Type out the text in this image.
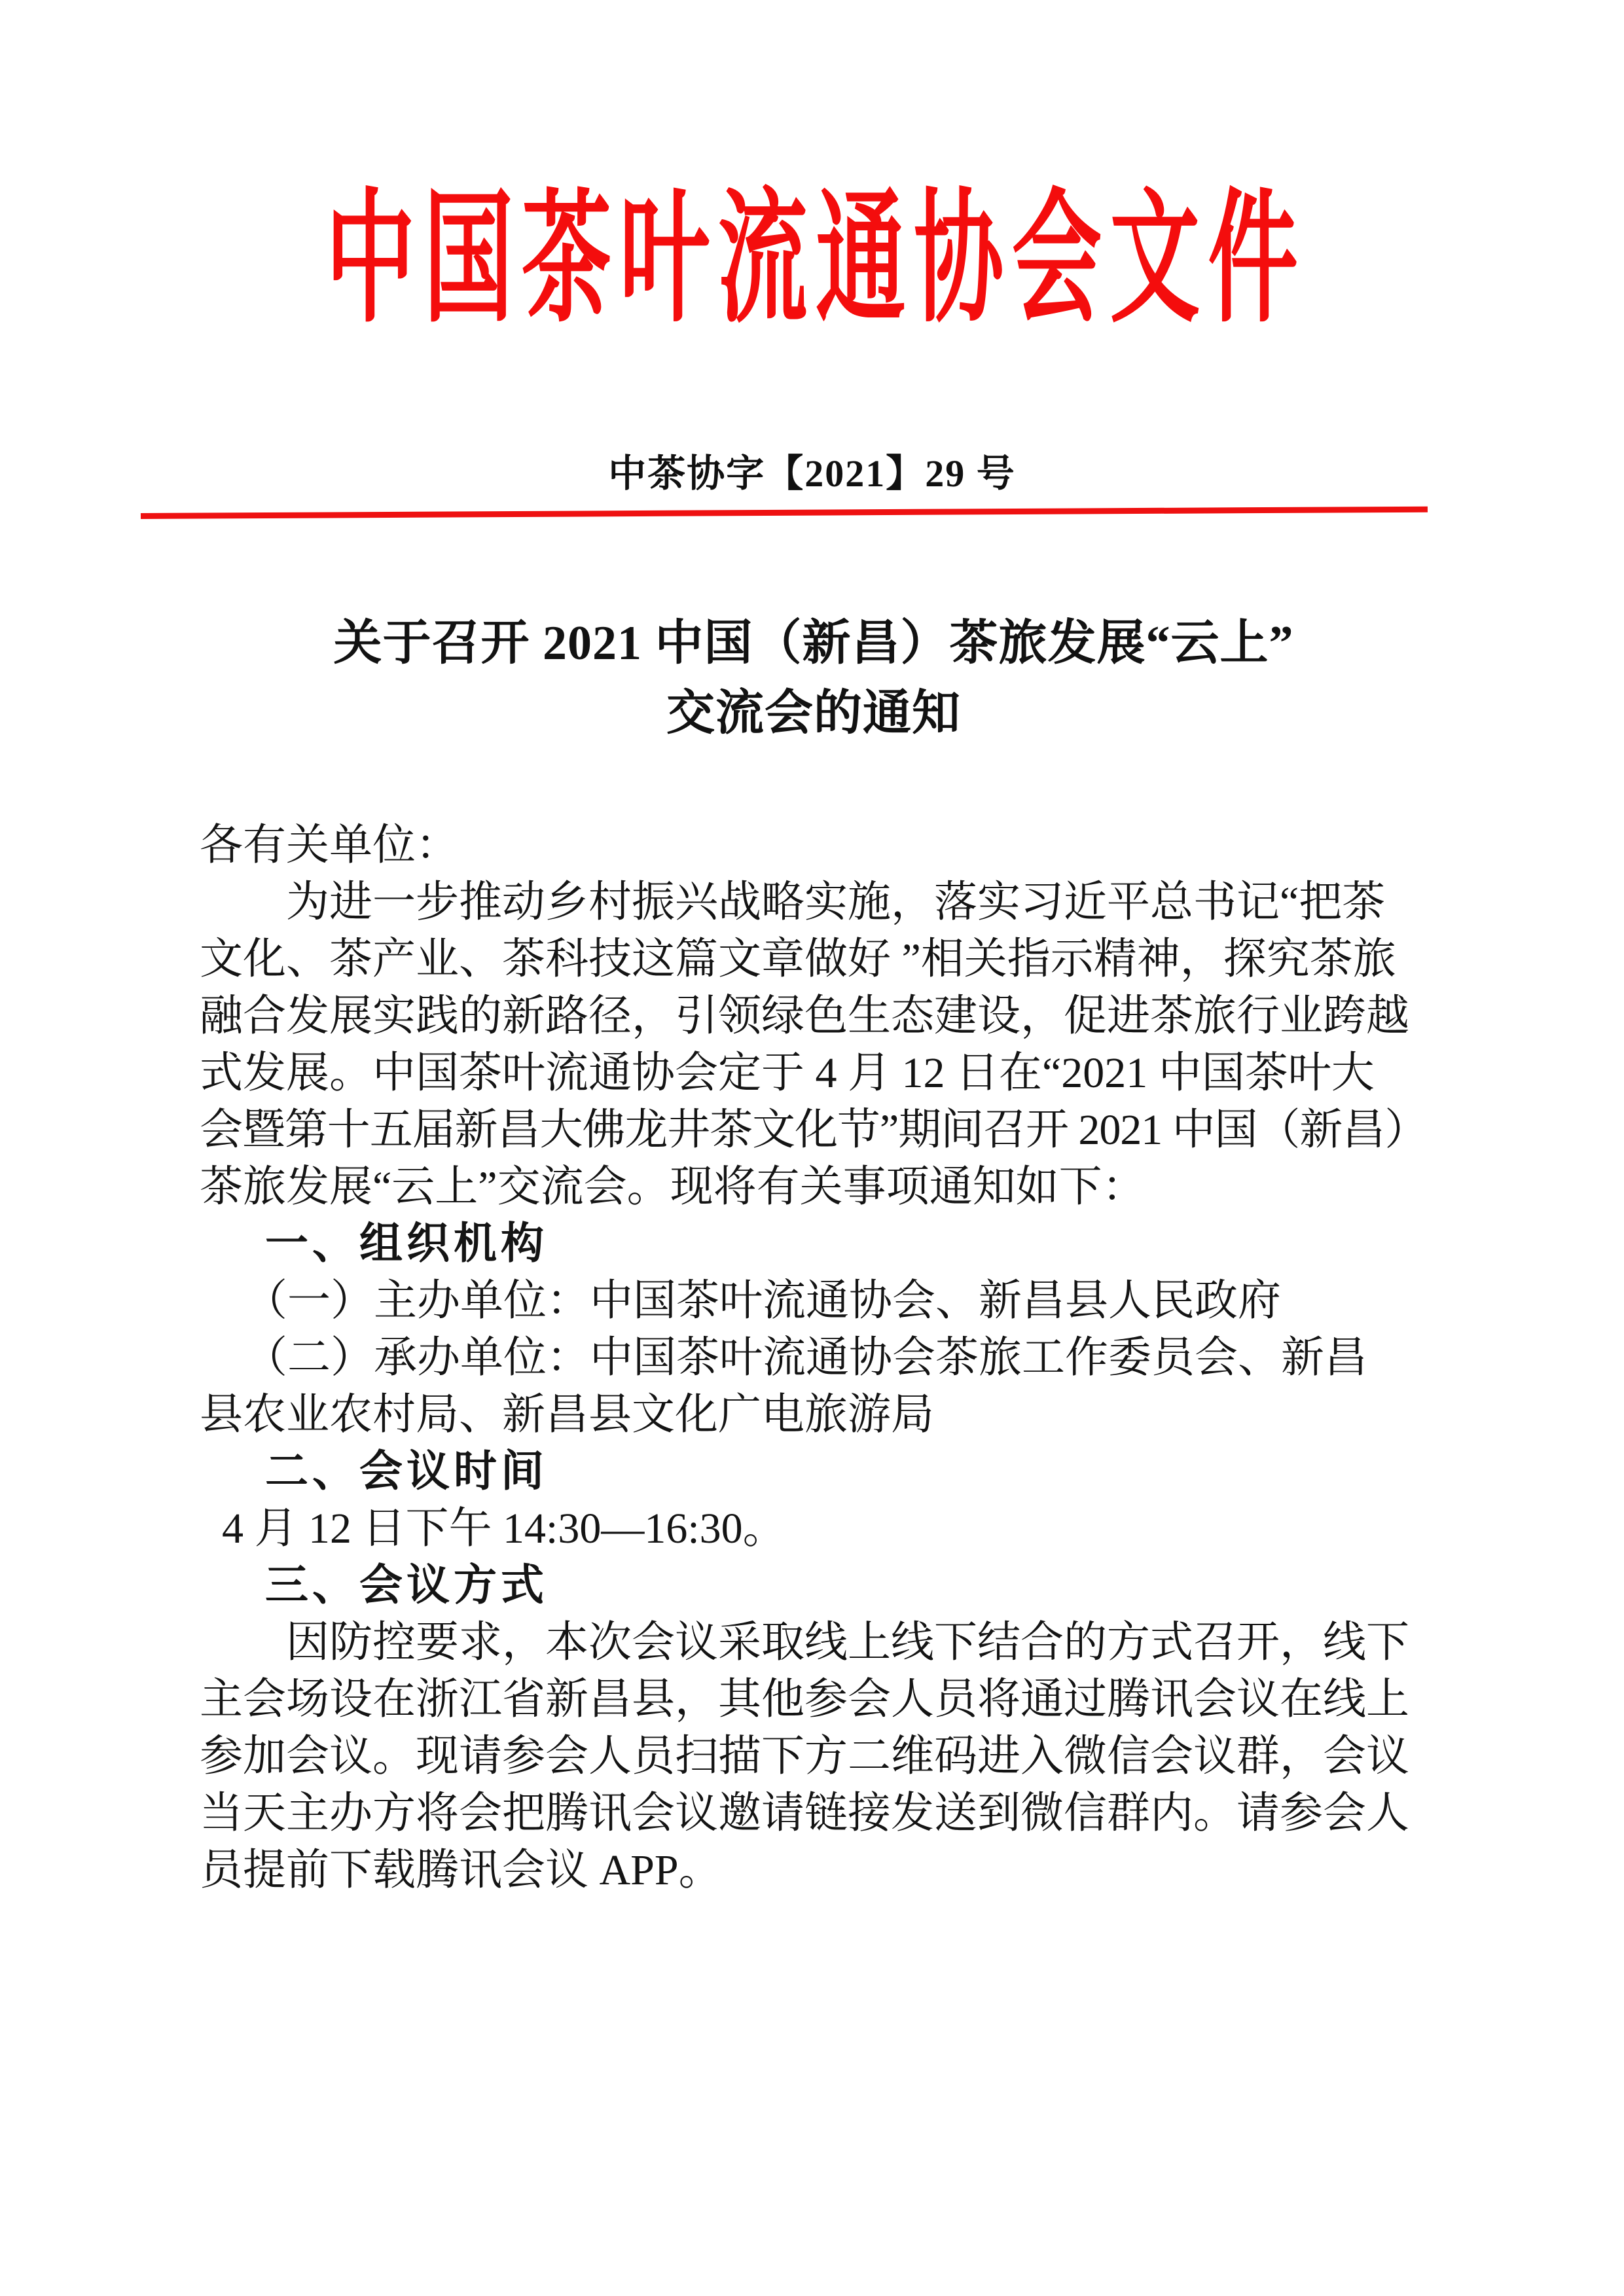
中国茶叶流通协会文件
中茶协字【2021】29 号
关于召开 2021 中国（新昌）茶旅发展“云上”
交流会的通知
各有关单位：
为进一步推动乡村振兴战略实施，落实习近平总书记“把茶
文化、茶产业、茶科技这篇文章做好 ”相关指示精神，探究茶旅
融合发展实践的新路径，引领绿色生态建设，促进茶旅行业跨越
式发展。中国茶叶流通协会定于 4 月 12 日在“2021 中国茶叶大
会暨第十五届新昌大佛龙井茶文化节”期间召开 2021 中国（新昌）
茶旅发展“云上”交流会。现将有关事项通知如下：
一、组织机构
（一）主办单位：中国茶叶流通协会、新昌县人民政府
（二）承办单位：中国茶叶流通协会茶旅工作委员会、新昌
县农业农村局、新昌县文化广电旅游局
二、会议时间
4 月 12 日下午 14:30—16:30。
三、会议方式
因防控要求，本次会议采取线上线下结合的方式召开，线下
主会场设在浙江省新昌县，其他参会人员将通过腾讯会议在线上
参加会议。现请参会人员扫描下方二维码进入微信会议群，会议
当天主办方将会把腾讯会议邀请链接发送到微信群内。请参会人
员提前下载腾讯会议 APP。
